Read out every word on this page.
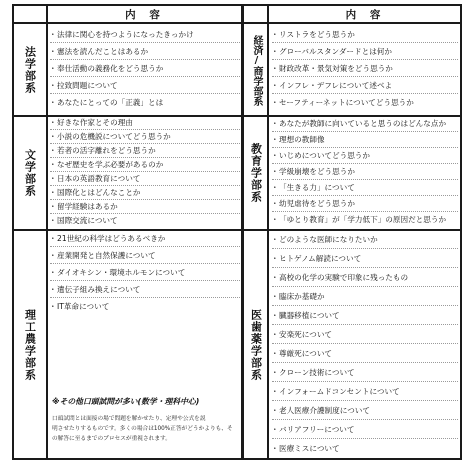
内 容	内 容
法学部系
・ 法律に関心を持つようになったきっかけ
・ 憲法を読んだことはあるか
・ 奉仕活動の義務化をどう思うか
・ 拉致問題について
・ あなたにとっての「正義」とは
文学部系
・ 好きな作家とその理由
・ 小説の危機説についてどう思うか
・ 若者の活字離れをどう思うか
・ なぜ歴史を学ぶ必要があるのか
・ 日本の英語教育について
・ 国際化とはどんなことか
・ 留学経験はあるか
・ 国際交流について
理工農学部系
・ 21世紀の科学はどうあるべきか
・ 産業開発と自然保護について
・ ダイオキシン・環境ホルモンについて
・ 遺伝子組み換えについて
・ IT革命について
※ その他口頭試問が多い(数学・理科中心)
口頭試問とは面接の場で問題を解かせたり、定理や公式を説
明させたりするものです。多くの場合は100%正答がどうかよりも、そ
の解答に至るまでのプロセスが重視されます。
経済/商学部系
・	リストラをどう思うか
・ グローバルスタンダードとは何か
・ 財政改革・景気対策をどう思うか
・ インフレ・デフレについて述べよ
・ セーフティーネットについてどう思うか
教育学部系
・ あなたが教師に向いていると思うのはどんな点か
・ 理想の教師像
・ いじめについてどう思うか
・ 学級崩壊をどう思うか
・ 「生きる力」について
・ 幼児虐待をどう思うか
・ 「ゆとり教育」が「学力低下」の原因だと思うか
医歯薬学部系
・ どのような医師になりたいか
・ ヒトゲノム解読について
・ 高校の化学の実験で印象に残ったもの
・ 臨床か基礎か
・ 臓器移植について
・ 安楽死について
・ 尊厳死について
・ クローン技術について
・ インフォームドコンセントについて
・ 老人医療介護制度について
・ バリアフリーについて
・ 医療ミスについて
